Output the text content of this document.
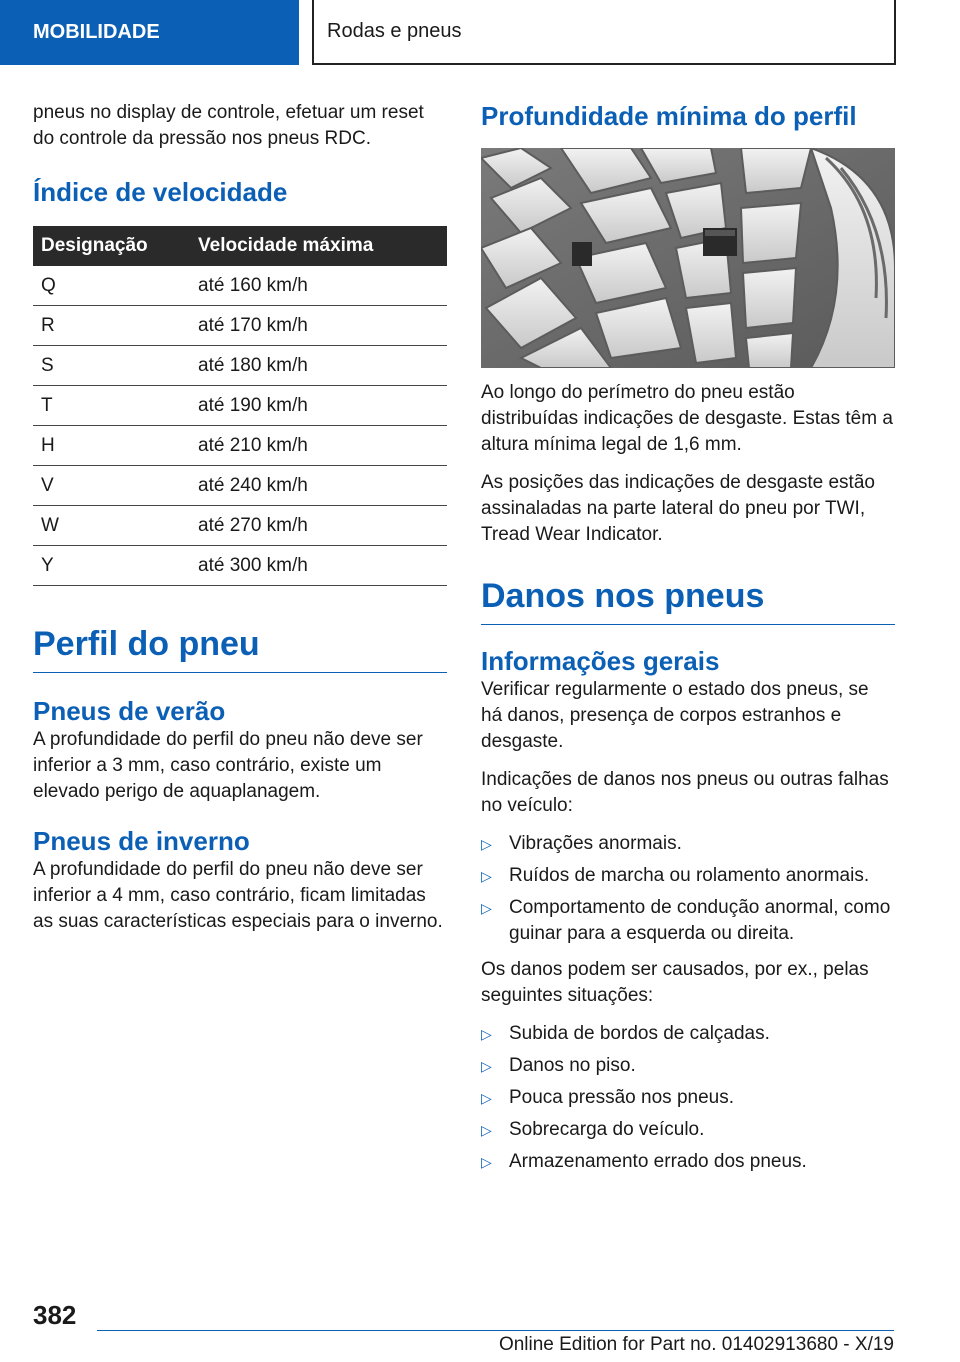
MOBILIDADE	Rodas e pneus

pneus no display de controle, efetuar um reset do controle da pressão nos pneus RDC.

Índice de velocidade
Designação	Velocidade máxima
Q	até 160 km/h
R	até 170 km/h
S	até 180 km/h
T	até 190 km/h
H	até 210 km/h
V	até 240 km/h
W	até 270 km/h
Y	até 300 km/h
Perfil do pneu
Pneus de verão

A profundidade do perfil do pneu não deve ser inferior a 3 mm, caso contrário, existe um elevado perigo de aquaplanagem.

Pneus de inverno

A profundidade do perfil do pneu não deve ser inferior a 4 mm, caso contrário, ficam limitadas as suas características especiais para o inverno.

Profundidade mínima do perfil

Ao longo do perímetro do pneu estão distribuídas indicações de desgaste. Estas têm a altura mínima legal de 1,6 mm.

As posições das indicações de desgaste estão assinaladas na parte lateral do pneu por TWI, Tread Wear Indicator.

Danos nos pneus
Informações gerais

Verificar regularmente o estado dos pneus, se há danos, presença de corpos estranhos e desgaste.

Indicações de danos nos pneus ou outras falhas no veículo:

▷ Vibrações anormais.
▷ Ruídos de marcha ou rolamento anormais.
▷ Comportamento de condução anormal, como guinar para a esquerda ou direita.

Os danos podem ser causados, por ex., pelas seguintes situações:

▷ Subida de bordos de calçadas.
▷ Danos no piso.
▷ Pouca pressão nos pneus.
▷ Sobrecarga do veículo.
▷ Armazenamento errado dos pneus.
382
Online Edition for Part no. 01402913680 - X/19
